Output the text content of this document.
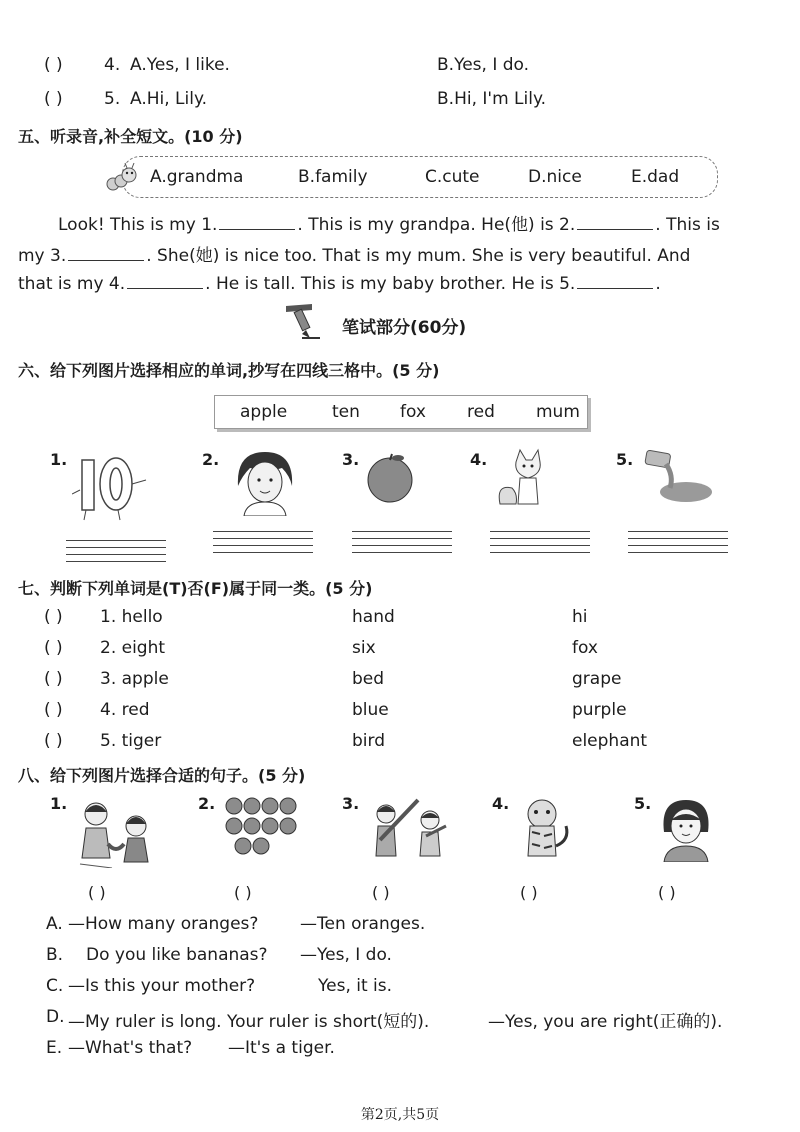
( ) 4. A.Yes, I like.	B.Yes, I do.
( ) 5. A.Hi, Lily.	B.Hi, I'm Lily.
五、听录音,补全短文。(10 分)
A.grandma	B.family	C.cute	D.nice	E.dad
Look! This is my 1.	. This is my grandpa. He(他) is 2.	. This is
my 3.	. She(她) is nice too. That is my mum. She is very beautiful. And
that is my 4.	. He is tall. This is my baby brother. He is 5.	.
笔试部分(60分)
六、给下列图片选择相应的单词,抄写在四线三格中。(5 分)
apple	ten fox red mum
1.	2.	3.	4.	5.
七、判断下列单词是(T)否(F)属于同一类。(5 分)
( ) 1. hello	hand	hi
( ) 2. eight	six	fox
( ) 3. apple	bed	grape
( ) 4. red	blue	purple
( ) 5. tiger	bird	elephant
八、给下列图片选择合适的句子。(5 分)
1.	2.	3.	4.	5.
( )	( )	( )	( )	( )
A. —How many oranges? —Ten oranges.
B. Do you like bananas? —Yes, I do.
C. —Is this your mother?	Yes, it is.
D. —My ruler is long. Your ruler is short(短的).	—Yes, you are right(正确的).
E. —What's that? —It's a tiger.
第2页,共5页
